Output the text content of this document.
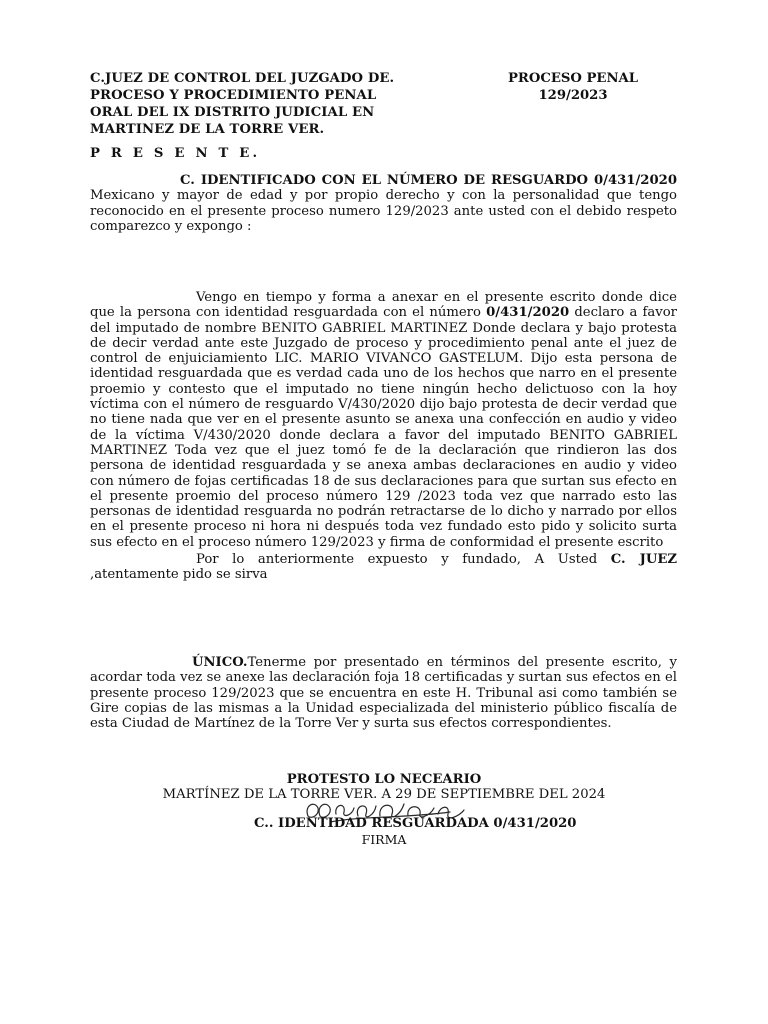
C.JUEZ DE CONTROL DEL JUZGADO DE.
PROCESO Y PROCEDIMIENTO PENAL
ORAL DEL IX DISTRITO JUDICIAL EN
MARTINEZ DE LA TORRE VER.
PROCESO PENAL
129/2023
P R E S E N T E.
C. IDENTIFICADO CON EL NÚMERO DE RESGUARDO 0/431/2020 Mexicano y mayor de edad y por propio derecho y con la personalidad que tengo reconocido en el presente proceso numero 129/2023 ante usted con el debido respeto comparezco y expongo :
Vengo en tiempo y forma a anexar en el presente escrito donde dice que la persona con identidad resguardada con el número 0/431/2020 declaro a favor del imputado de nombre BENITO GABRIEL MARTINEZ Donde declara y bajo protesta de decir verdad ante este Juzgado de proceso y procedimiento penal ante el juez de control de enjuiciamiento LIC. MARIO VIVANCO GASTELUM. Dijo esta persona de identidad resguardada que es verdad cada uno de los hechos que narro en el presente proemio y contesto que el imputado no tiene ningún hecho delictuoso con la hoy víctima con el número de resguardo V/430/2020 dijo bajo protesta de decir verdad que no tiene nada que ver en el presente asunto se anexa una confección en audio y video de la víctima V/430/2020 donde declara a favor del imputado BENITO GABRIEL MARTINEZ Toda vez que el juez tomó fe de la declaración que rindieron las dos persona de identidad resguardada y se anexa ambas declaraciones en audio y video con número de fojas certificadas 18 de sus declaraciones para que surtan sus efecto en el presente proemio del proceso número 129 /2023 toda vez que narrado esto las personas de identidad resguarda no podrán retractarse de lo dicho y narrado por ellos en el presente proceso ni hora ni después toda vez fundado esto pido y solicito surta sus efecto en el proceso número 129/2023 y firma de conformidad el presente escrito
Por lo anteriormente expuesto y fundado, A Usted C. JUEZ ,atentamente pido se sirva
ÚNICO.Tenerme por presentado en términos del presente escrito, y acordar toda vez se anexe las declaración foja 18 certificadas y surtan sus efectos en el presente proceso 129/2023 que se encuentra en este H. Tribunal asi como también se Gire copias de las mismas a la Unidad especializada del ministerio público fiscalía de esta Ciudad de Martínez de la Torre Ver y surta sus efectos correspondientes.
PROTESTO LO NECEARIO
MARTÍNEZ DE LA TORRE VER. A 29 DE SEPTIEMBRE DEL 2024
C.. IDENTIDAD RESGUARDADA 0/431/2020
FIRMA
